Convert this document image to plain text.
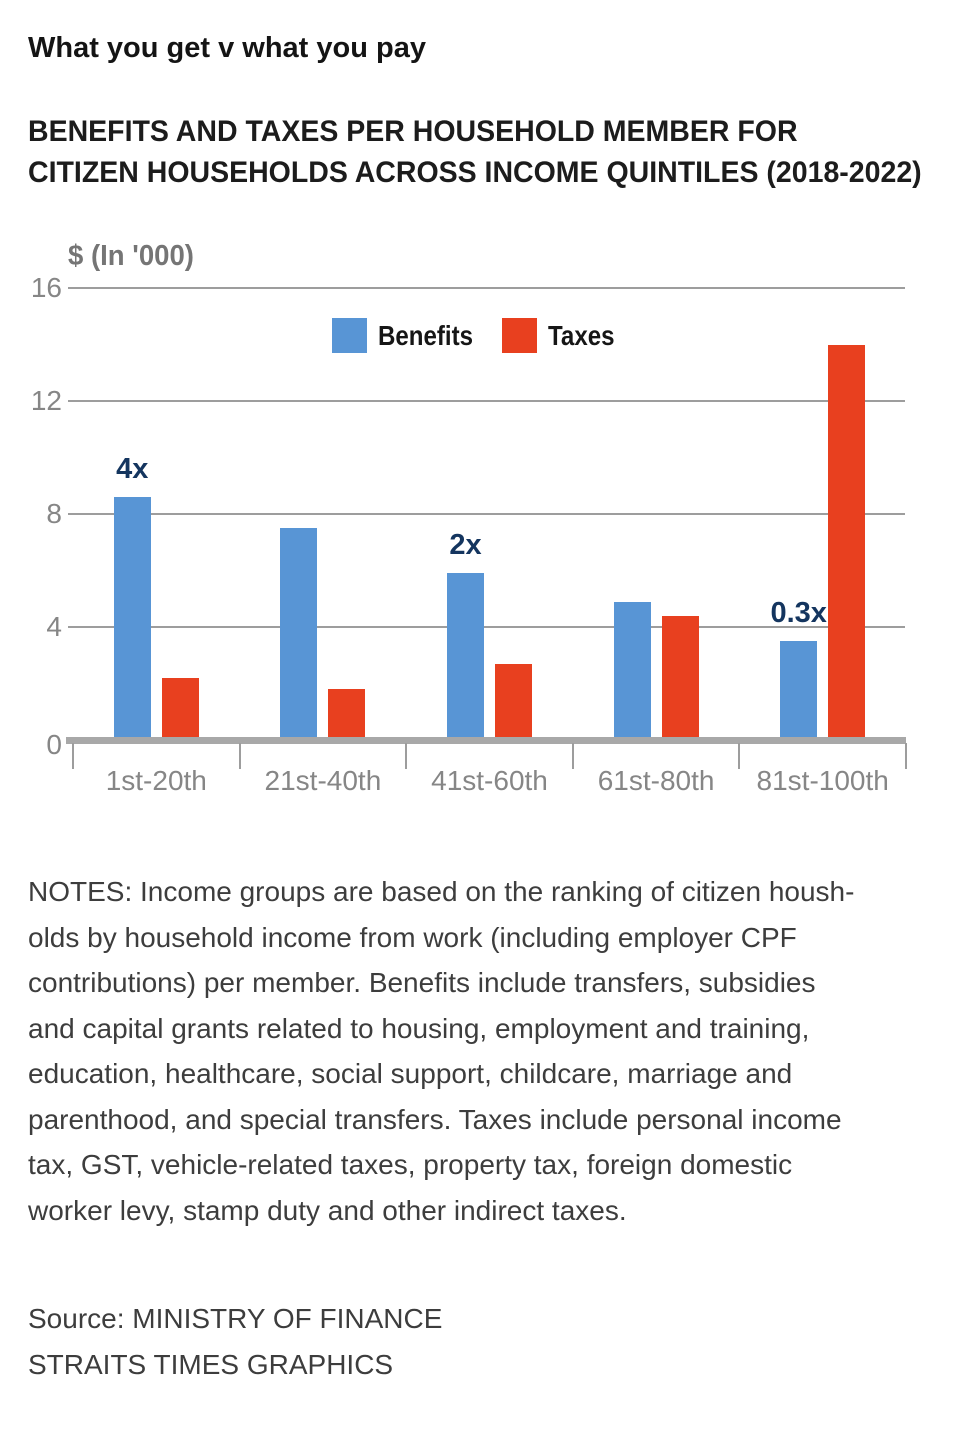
What you get v what you pay
BENEFITS AND TAXES PER HOUSEHOLD MEMBER FOR
CITIZEN HOUSEHOLDS ACROSS INCOME QUINTILES (2018-2022)
$ (In '000)
0
4
8
12
16
1st-20th	21st-40th	41st-60th	61st-80th	81st-100th
4x
2x
0.3x
Benefits	Taxes
NOTES: Income groups are based on the ranking of citizen housh-
olds by household income from work (including employer CPF
contributions) per member. Benefits include transfers, subsidies
and capital grants related to housing, employment and training,
education, healthcare, social support, childcare, marriage and
parenthood, and special transfers. Taxes include personal income
tax, GST, vehicle-related taxes, property tax, foreign domestic
worker levy, stamp duty and other indirect taxes.
Source: MINISTRY OF FINANCE
STRAITS TIMES GRAPHICS
